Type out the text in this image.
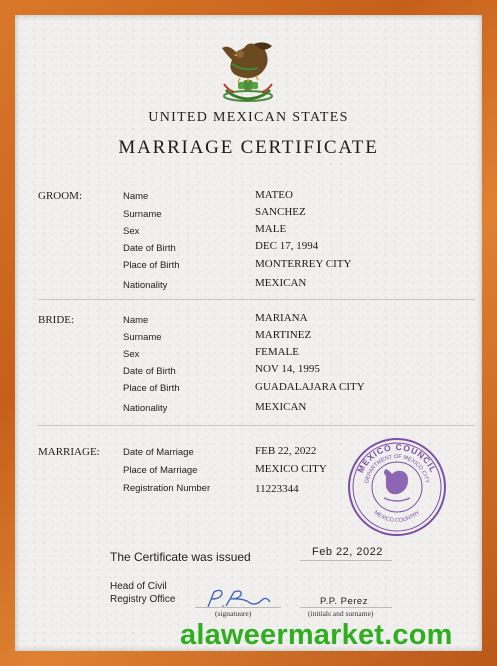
UNITED MEXICAN STATES
MARRIAGE CERTIFICATE
GROOM:	Name	MATEO
Surname	SANCHEZ
Sex	MALE
Date of Birth	DEC 17, 1994
Place of Birth	MONTERREY CITY
Nationality	MEXICAN
BRIDE:	Name	MARIANA
Surname	MARTINEZ
Sex	FEMALE
Date of Birth	NOV 14, 1995
Place of Birth	GUADALAJARA CITY
Nationality	MEXICAN
MARRIAGE: Date of Marriage	FEB 22, 2022
Place of Marriage	MEXICO CITY
Registration Number	11223344
MEXICO COUNCIL
DEPARTMENT OF MEXICO CITY
MEXICO COUNTRY
The Certificate was issued	Feb 22, 2022
Head of Civil
Registry Office
(signatuure)
P.P. Perez
(initials and surname)
alaweermarket.com
